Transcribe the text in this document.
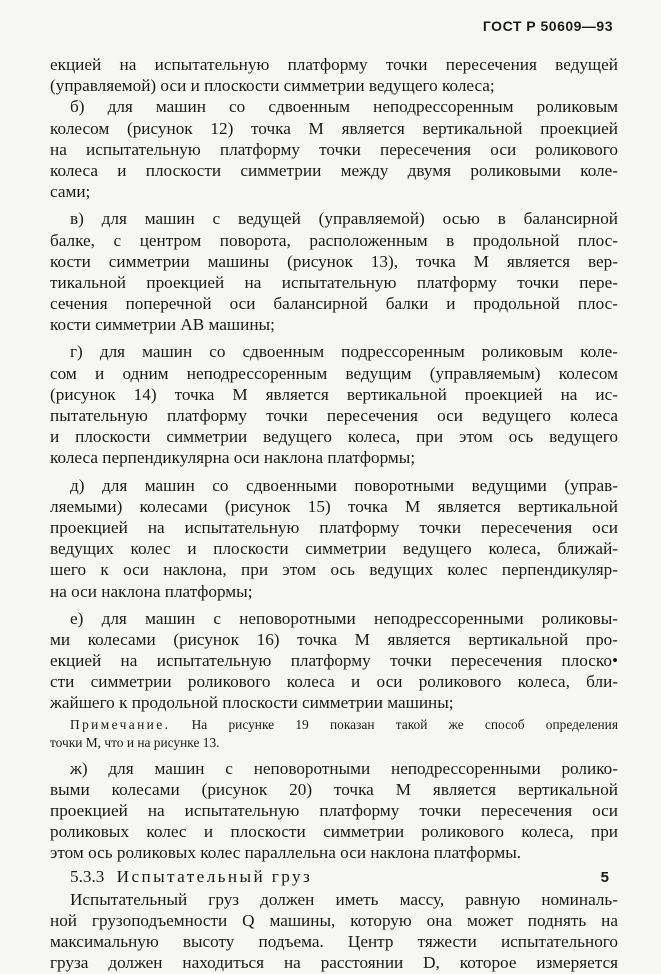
ГОСТ Р 50609—93
екцией на испытательную платформу точки пересечения ведущей
(управляемой) оси и плоскости симметрии ведущего колеса;
б) для машин со сдвоенным неподрессоренным роликовым
колесом (рисунок 12) точка М является вертикальной проекцией
на испытательную платформу точки пересечения оси роликового
колеса и плоскости симметрии между двумя роликовыми коле-
сами;
в) для машин с ведущей (управляемой) осью в балансирной
балке, с центром поворота, расположенным в продольной плос-
кости симметрии машины (рисунок 13), точка М является вер-
тикальной проекцией на испытательную платформу точки пере-
сечения поперечной оси балансирной балки и продольной плос-
кости симметрии АВ машины;
г) для машин со сдвоенным подрессоренным роликовым коле-
сом и одним неподрессоренным ведущим (управляемым) колесом
(рисунок 14) точка М является вертикальной проекцией на ис-
пытательную платформу точки пересечения оси ведущего колеса
и плоскости симметрии ведущего колеса, при этом ось ведущего
колеса перпендикулярна оси наклона платформы;
д) для машин со сдвоенными поворотными ведущими (управ-
ляемыми) колесами (рисунок 15) точка М является вертикальной
проекцией на испытательную платформу точки пересечения оси
ведущих колес и плоскости симметрии ведущего колеса, ближай-
шего к оси наклона, при этом ось ведущих колес перпендикуляр-
на оси наклона платформы;
е) для машин с неповоротными неподрессоренными роликовы-
ми колесами (рисунок 16) точка М является вертикальной про-
екцией на испытательную платформу точки пересечения плоско•
сти симметрии роликового колеса и оси роликового колеса, бли-
жайшего к продольной плоскости симметрии машины;
Примечание. На рисунке 19 показан такой же способ определения
точки М, что и на рисунке 13.
ж) для машин с неповоротными неподрессоренными ролико-
выми колесами (рисунок 20) точка М является вертикальной
проекцией на испытательную платформу точки пересечения оси
роликовых колес и плоскости симметрии роликового колеса, при
этом ось роликовых колес параллельна оси наклона платформы.
5.3.3 Испытательный груз
Испытательный груз должен иметь массу, равную номиналь-
ной грузоподъемности Q машины, которую она может поднять на
максимальную высоту подъема. Центр тяжести испытательного
груза должен находиться на расстоянии D, которое измеряется
5
